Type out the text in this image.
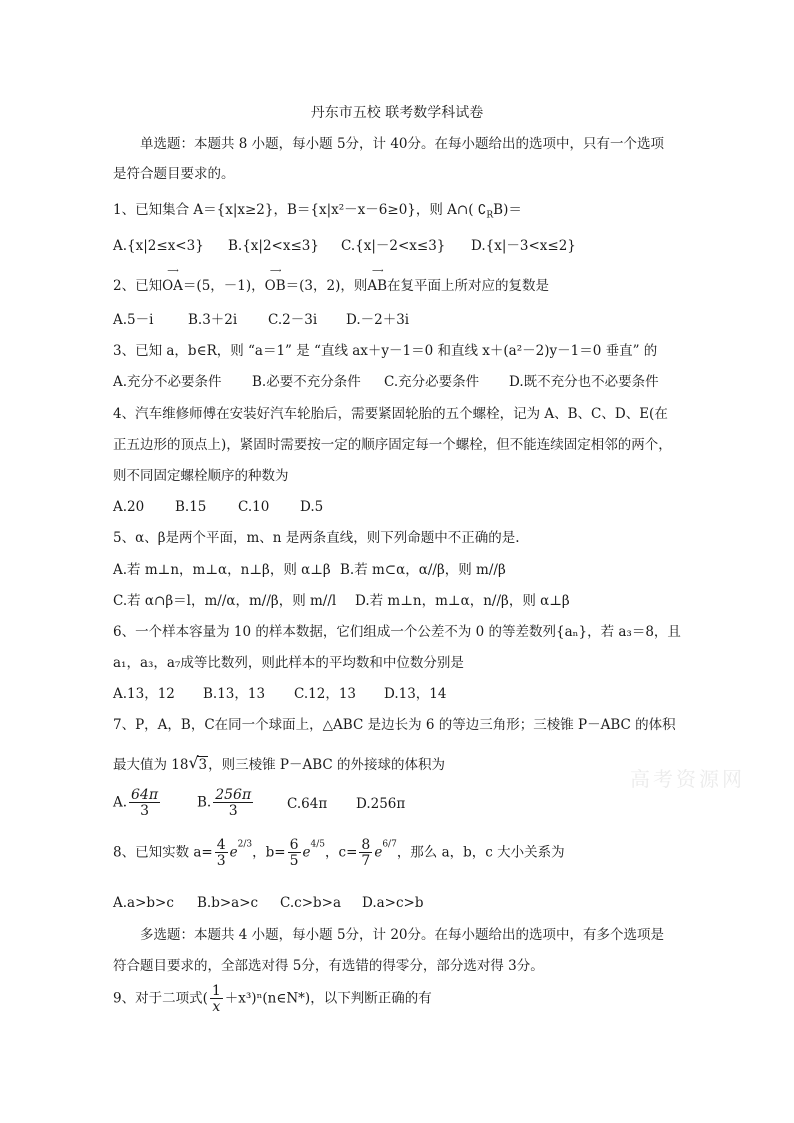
丹东市五校 联考数学科试卷
单选题：本题共 8 小题，每小题 5分，计 40分。在每小题给出的选项中，只有一个选项
是符合题目要求的。
1、已知集合 A＝{x|x≥2}，B＝{x|x²－x－6≥0}，则 A∩( $∁_RB)=$
A.{x|2≤x<3} B.{x|2<x≤3} C.{x|－2<x≤3} D.{x|－3<x≤2}
2、已知
⟶
OA＝(5，－1)，
⟶
OB＝(3，2)，则
⟶
AB在复平面上所对应的复数是
A.5－i	B.3＋2i C.2－3i D.－2＋3i
3、已知 a，b∈R，则 “a＝1” 是 “直线 ax＋y－1＝0 和直线 x＋(a²－2)y－1＝0 垂直” 的
A.充分不必要条件 B.必要不充分条件 C.充分必要条件 D.既不充分也不必要条件
4、汽车维修师傅在安装好汽车轮胎后，需要紧固轮胎的五个螺栓，记为 A、B、C、D、E(在
正五边形的顶点上)，紧固时需要按一定的顺序固定每一个螺栓，但不能连续固定相邻的两个，
则不同固定螺栓顺序的种数为
A.20 B.15 C.10 D.5
5、α、β是两个平面，m、n 是两条直线，则下列命题中不正确的是.
A.若 m⊥n，m⊥α，n⊥β，则 α⊥β B.若 m⊂α，α//β，则 m//β
C.若 α∩β＝l，m//α，m//β，则 m//l D.若 m⊥n，m⊥α，n//β，则 α⊥β
6、一个样本容量为 10 的样本数据，它们组成一个公差不为 0 的等差数列{aₙ}，若 a₃＝8，且
a₁，a₃，a₇成等比数列，则此样本的平均数和中位数分别是
A.13，12 B.13，13 C.12，13 D.13，14
7、P，A，B，C在同一个球面上，△ABC 是边长为 6 的等边三角形；三棱锥 P－ABC 的体积
最大值为 18 √ 3，则三棱锥 P－ABC 的外接球的体积为
A. $\frac{64\pi}{3}$	B. $\frac{256\pi}{3}$	C.64π D.256π
8、已知实数 $a= \frac{4}{3} e^{2/3}$，$b= \frac{6}{5} e^{4/5}$，$c= \frac{8}{7} e^{6/7}$，那么 a，b，c 大小关系为
A.a>b>c B.b>a>c C.c>b>a D.a>c>b
多选题：本题共 4 小题，每小题 5分，计 20分。在每小题给出的选项中，有多个选项是
符合题目要求的，全部选对得 5分，有选错的得零分，部分选对得 3分。
9、对于二项式( $\frac{1}{x}$ ＋x³)ⁿ(n∈N*)，以下判断正确的有
高考资源网
